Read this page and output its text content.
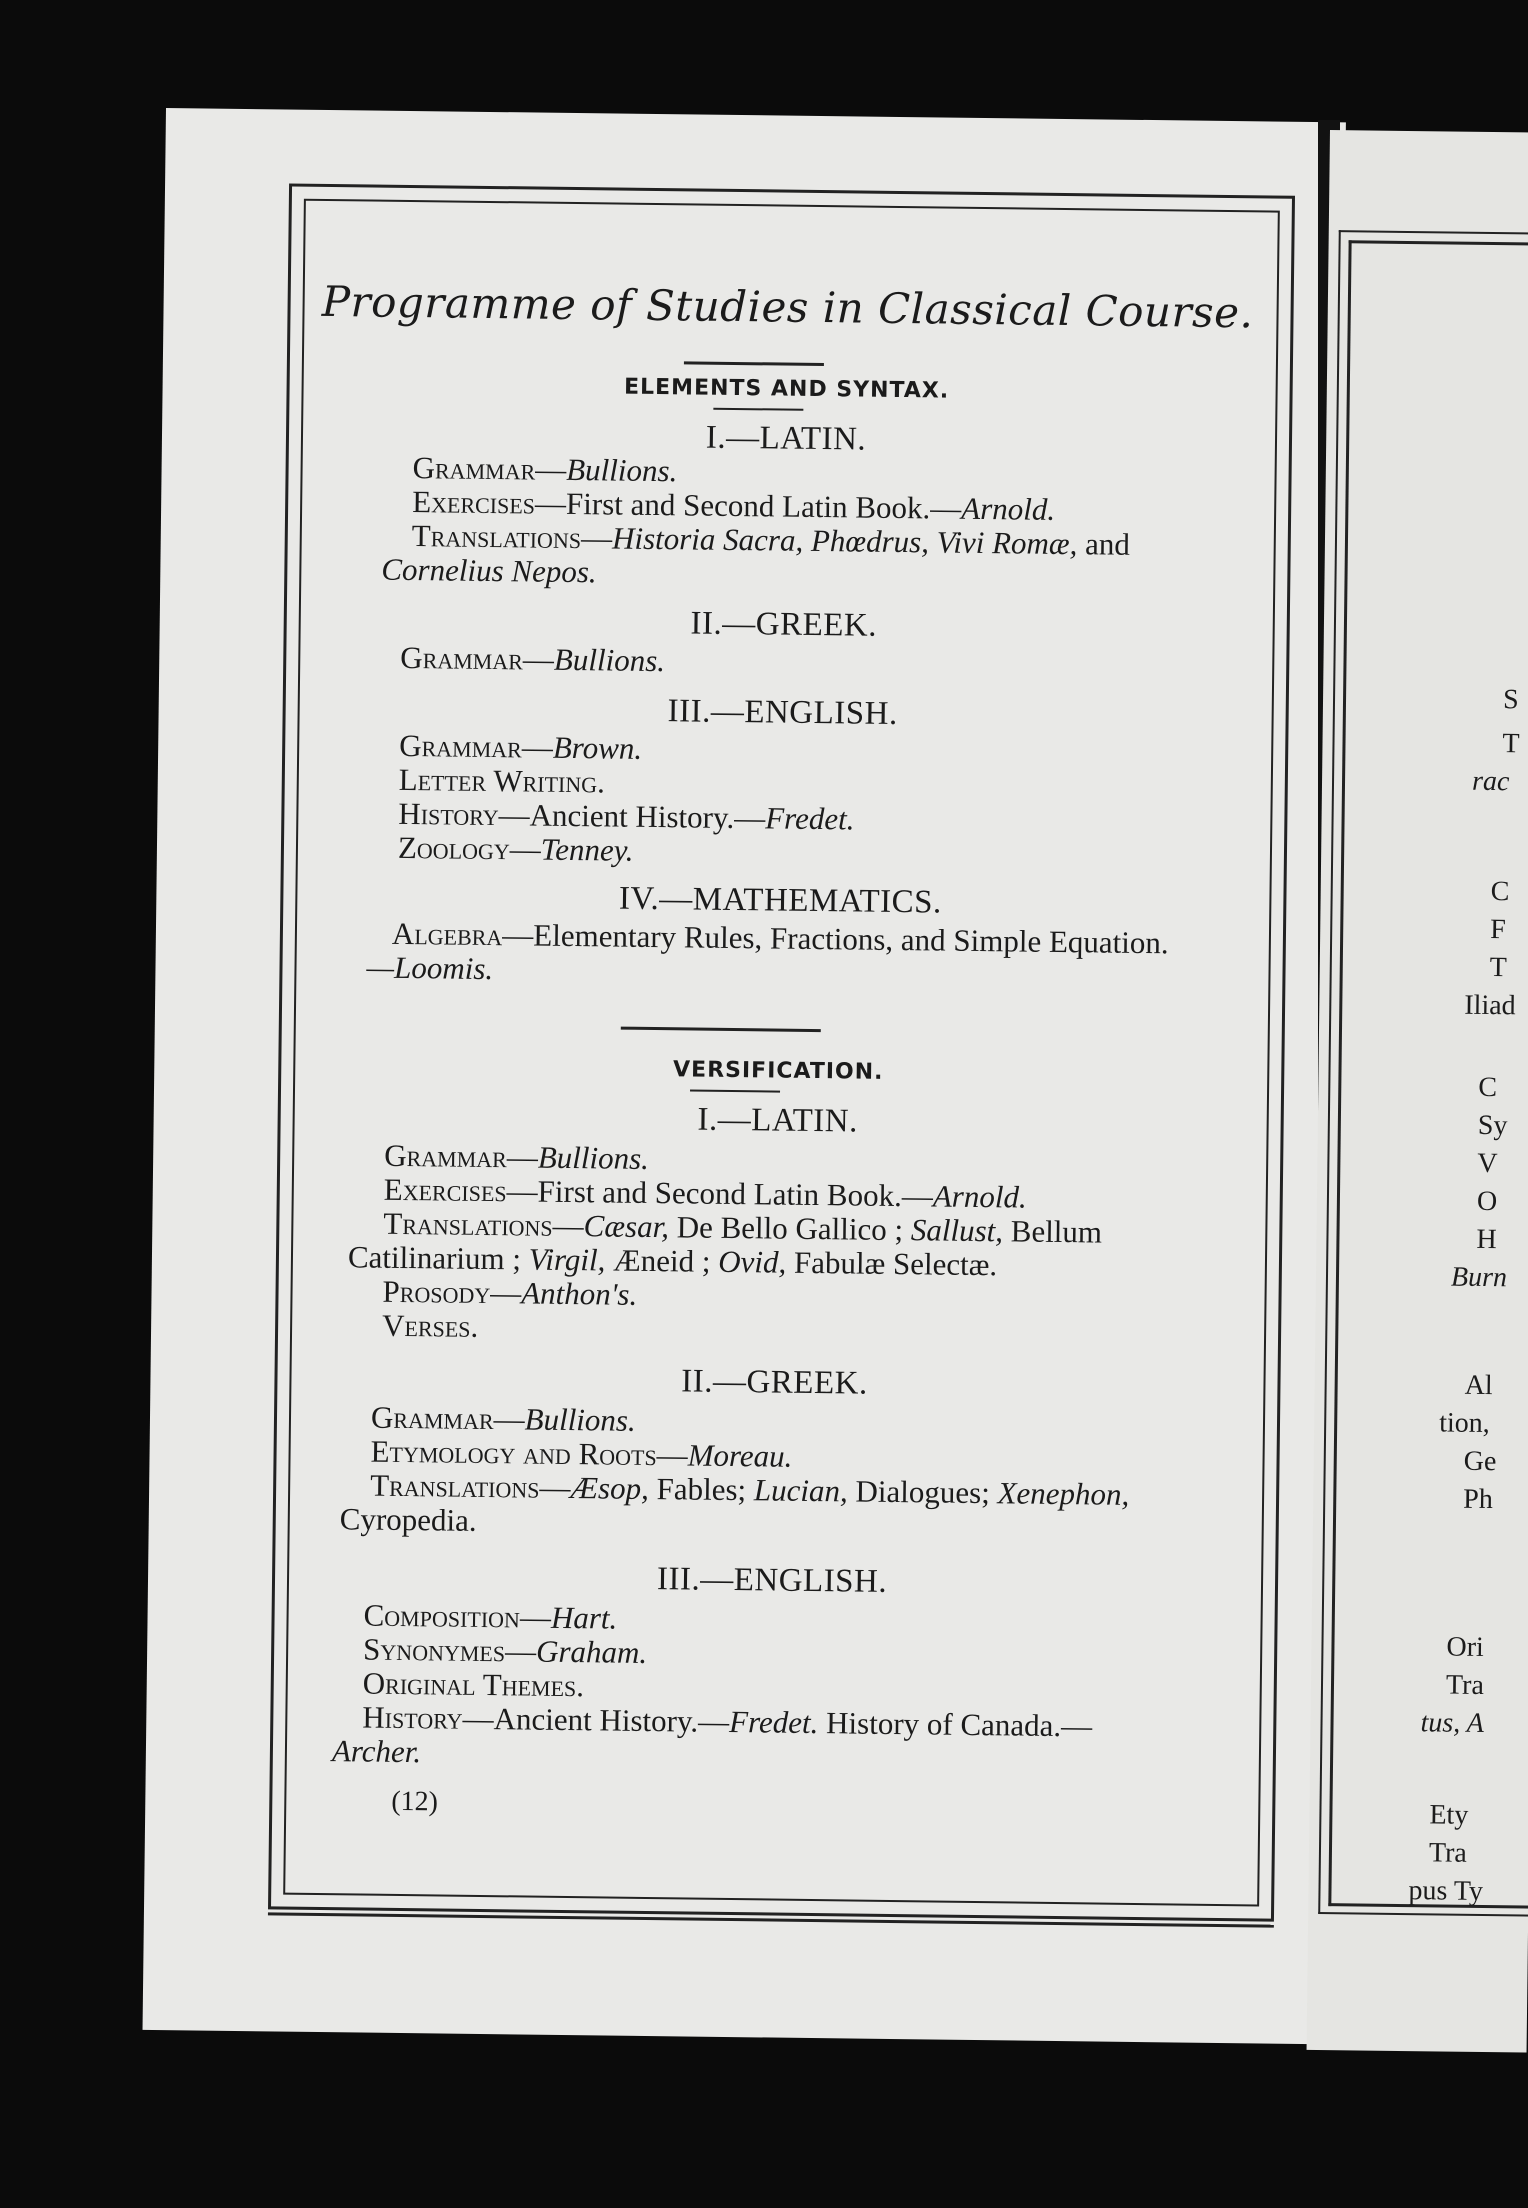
Programme of Studies in Classical Course.
ELEMENTS AND SYNTAX.
I.—LATIN.
Grammar—Bullions.
Exercises—First and Second Latin Book.—Arnold.
Translations—Historia Sacra, Phœdrus, Vivi Romæ, and
Cornelius Nepos.
II.—GREEK.
Grammar—Bullions.
III.—ENGLISH.
Grammar—Brown.
Letter Writing.
History—Ancient History.—Fredet.
Zoology—Tenney.
IV.—MATHEMATICS.
Algebra—Elementary Rules, Fractions, and Simple Equation.
—Loomis.
VERSIFICATION.
I.—LATIN.
Grammar—Bullions.
Exercises—First and Second Latin Book.—Arnold.
Translations—Cæsar, De Bello Gallico ; Sallust, Bellum
Catilinarium ; Virgil, Æneid ; Ovid, Fabulæ Selectæ.
Prosody—Anthon's.
Verses.
II.—GREEK.
Grammar—Bullions.
Etymology and Roots—Moreau.
Translations—Æsop, Fables; Lucian, Dialogues; Xenephon,
Cyropedia.
III.—ENGLISH.
Composition—Hart.
Synonymes—Graham.
Original Themes.
History—Ancient History.—Fredet. History of Canada.—
Archer.
(12)
S
T
rac
C
F
T
Iliad
C
Sy
V
O
H
Burn
Al
tion,
Ge
Ph
Ori
Tra
tus, A
Ety
Tra
pus Ty
